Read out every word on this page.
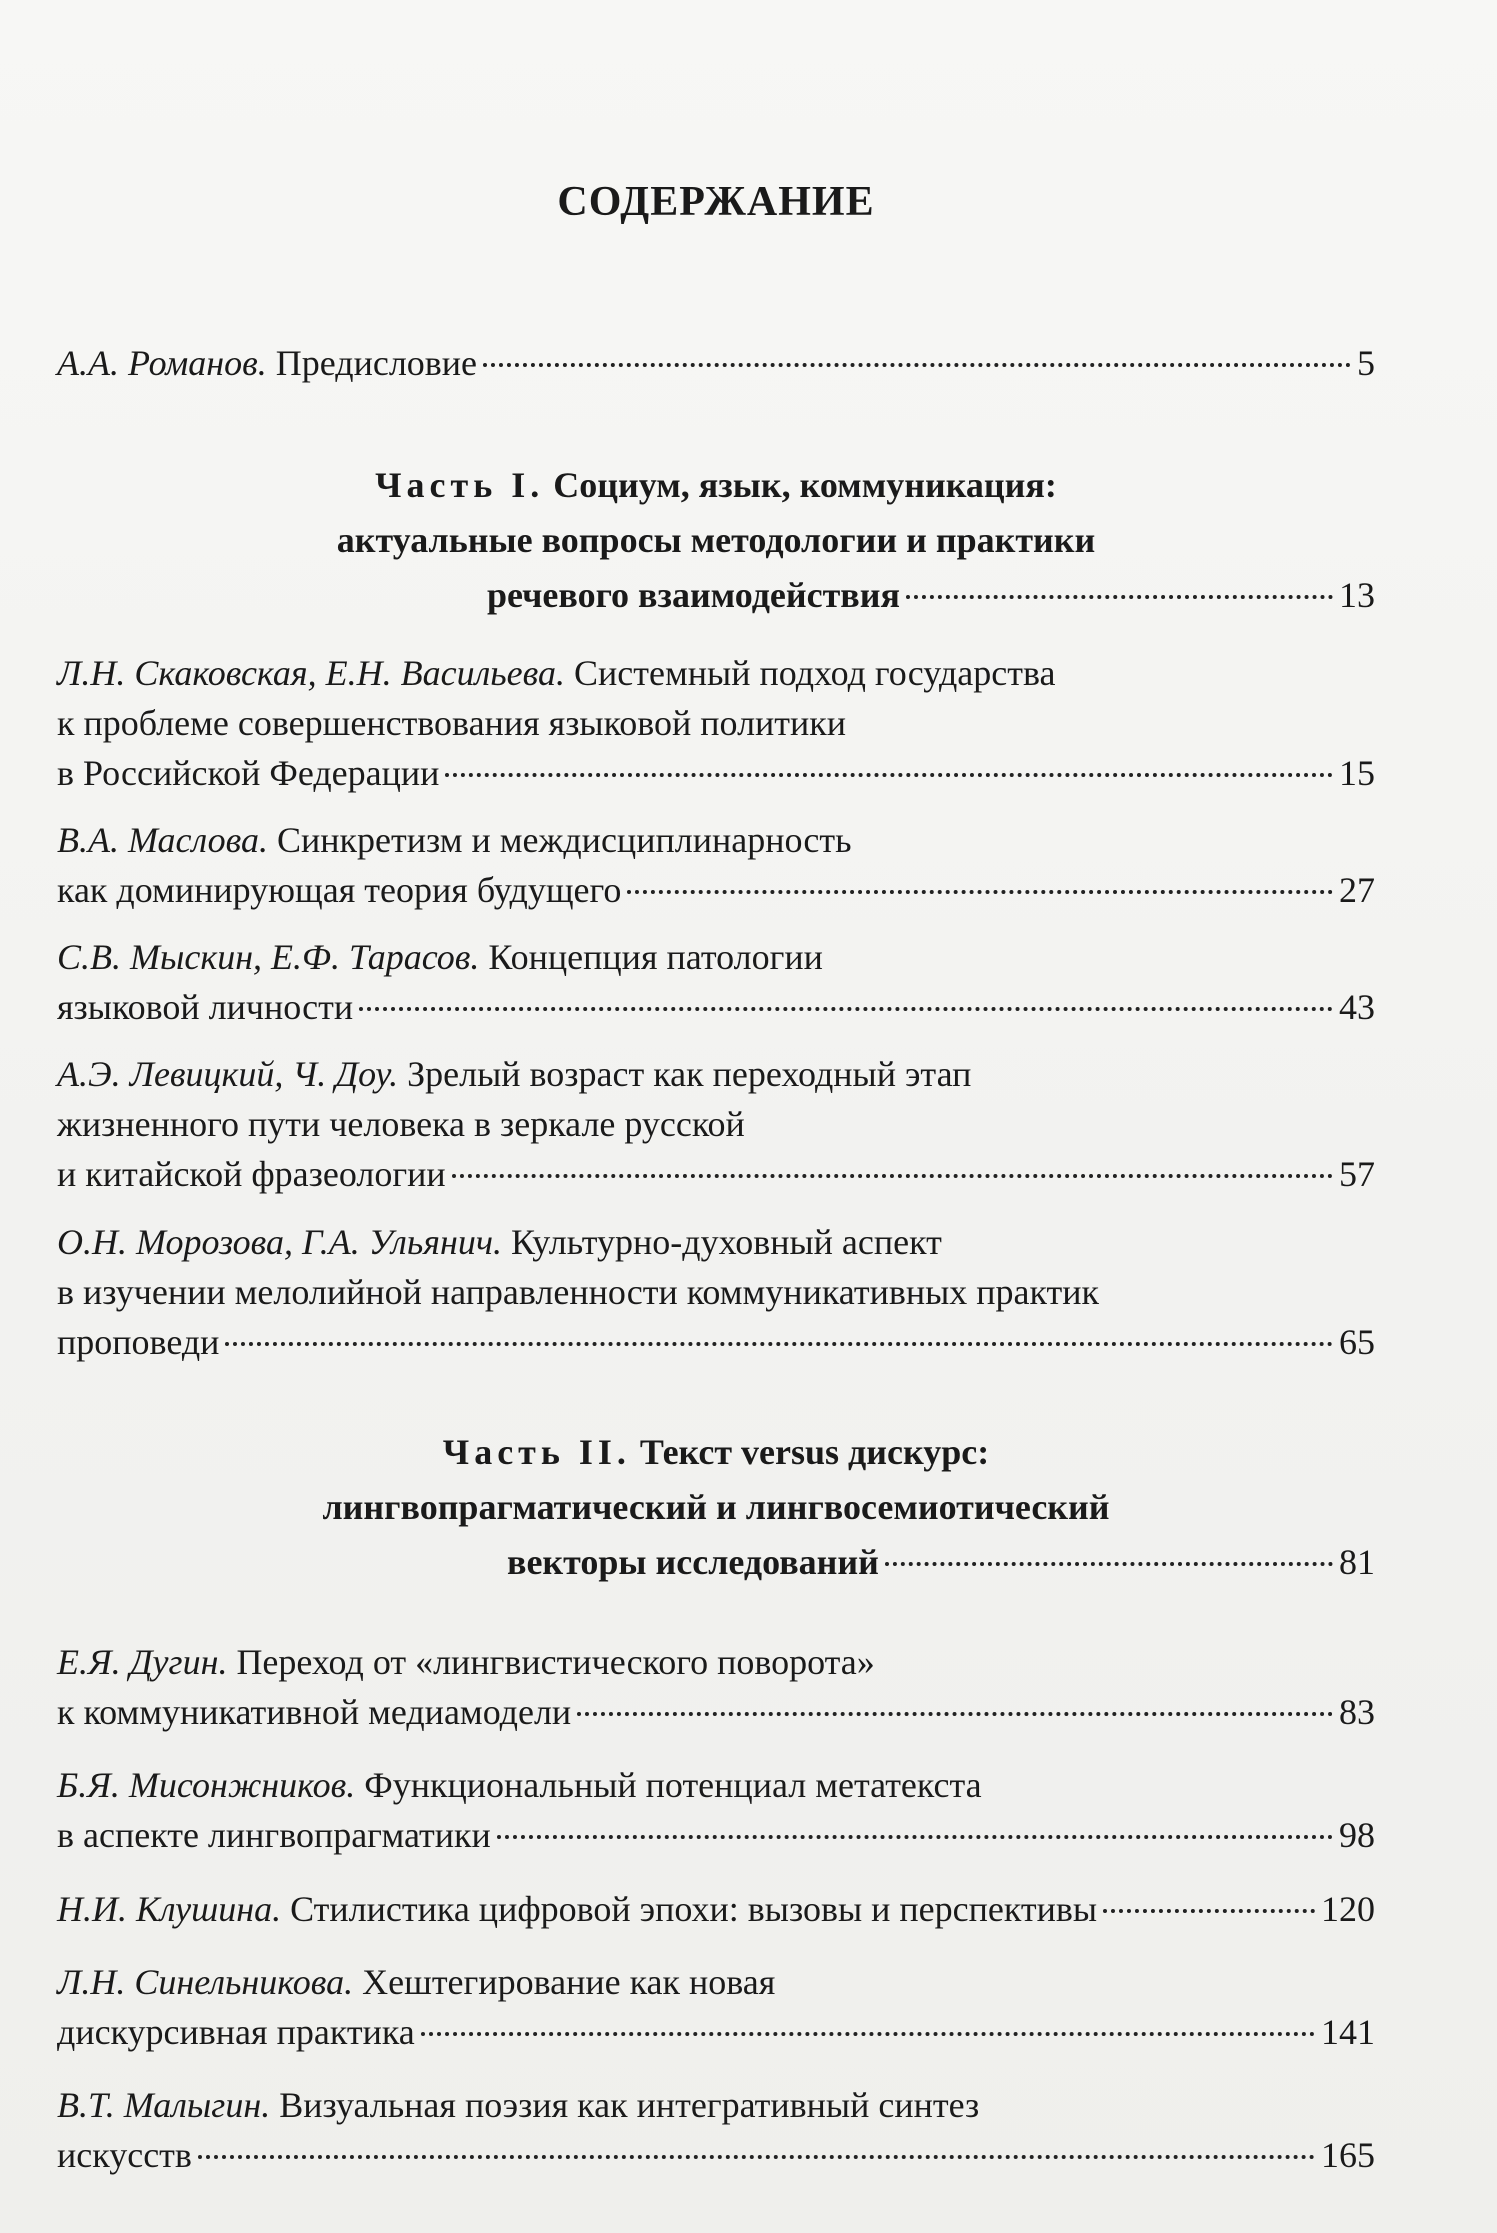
СОДЕРЖАНИЕ
А.А. Романов. Предисловие	5
Часть I. Социум, язык, коммуникация:
актуальные вопросы методологии и практики
речевого взаимодействия	13
Л.Н. Скаковская, Е.Н. Васильева. Системный подход государства
к проблеме совершенствования языковой политики
в Российской Федерации	15
В.А. Маслова. Синкретизм и междисциплинарность
как доминирующая теория будущего	27
С.В. Мыскин, Е.Ф. Тарасов. Концепция патологии
языковой личности	43
А.Э. Левицкий, Ч. Доу. Зрелый возраст как переходный этап
жизненного пути человека в зеркале русской
и китайской фразеологии	57
О.Н. Морозова, Г.А. Ульянич. Культурно-духовный аспект
в изучении мелолийной направленности коммуникативных практик
проповеди	65
Часть II. Текст versus дискурс:
лингвопрагматический и лингвосемиотический
векторы исследований	81
Е.Я. Дугин. Переход от «лингвистического поворота»
к коммуникативной медиамодели	83
Б.Я. Мисонжников. Функциональный потенциал метатекста
в аспекте лингвопрагматики	98
Н.И. Клушина. Стилистика цифровой эпохи: вызовы и перспективы	120
Л.Н. Синельникова. Хештегирование как новая
дискурсивная практика	141
В.Т. Малыгин. Визуальная поэзия как интегративный синтез
искусств	165
